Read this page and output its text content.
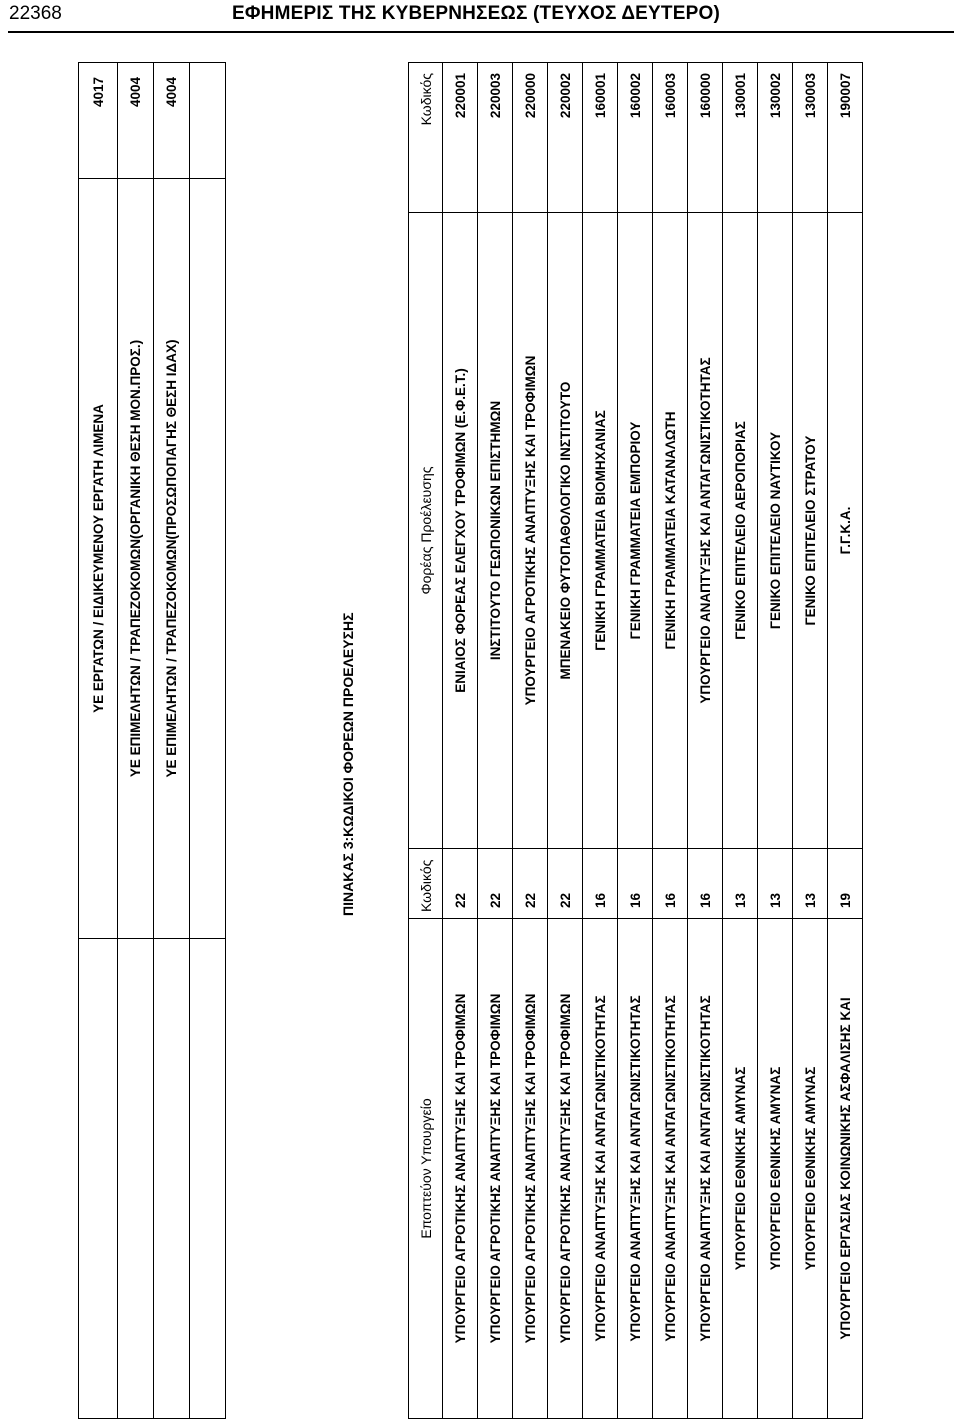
22368	ΕΦΗΜΕΡΙΣ ΤΗΣ ΚΥΒΕΡΝΗΣΕΩΣ (ΤΕΥΧΟΣ ΔΕΥΤΕΡΟ)
	ΥΕ ΕΡΓΑΤΩΝ / ΕΙΔΙΚΕΥΜΕΝΟΥ ΕΡΓΑΤΗ ΛΙΜΕΝΑ	4017
	ΥΕ ΕΠΙΜΕΛΗΤΩΝ / ΤΡΑΠΕΖΟΚΟΜΩΝ(ΟΡΓΑΝΙΚΗ ΘΕΣΗ ΜΟΝ.ΠΡΟΣ.)	4004
	ΥΕ ΕΠΙΜΕΛΗΤΩΝ / ΤΡΑΠΕΖΟΚΟΜΩΝ(ΠΡΟΣΩΠΟΠΑΓΗΣ ΘΕΣΗ ΙΔΑΧ)	4004

ΠΙΝΑΚΑΣ 3:ΚΩΔΙΚΟΙ ΦΟΡΕΩΝ ΠΡΟΕΛΕΥΣΗΣ
Εποπτεύον Υπουργείο	Κωδικός	Φορέας Προέλευσης	Κωδικός
ΥΠΟΥΡΓΕΙΟ ΑΓΡΟΤΙΚΗΣ ΑΝΑΠΤΥΞΗΣ ΚΑΙ ΤΡΟΦΙΜΩΝ	22	ΕΝΙΑΙΟΣ ΦΟΡΕΑΣ ΕΛΕΓΧΟΥ ΤΡΟΦΙΜΩΝ (Ε.Φ.Ε.Τ.)	220001
ΥΠΟΥΡΓΕΙΟ ΑΓΡΟΤΙΚΗΣ ΑΝΑΠΤΥΞΗΣ ΚΑΙ ΤΡΟΦΙΜΩΝ	22	ΙΝΣΤΙΤΟΥΤΟ ΓΕΩΠΟΝΙΚΩΝ ΕΠΙΣΤΗΜΩΝ	220003
ΥΠΟΥΡΓΕΙΟ ΑΓΡΟΤΙΚΗΣ ΑΝΑΠΤΥΞΗΣ ΚΑΙ ΤΡΟΦΙΜΩΝ	22	ΥΠΟΥΡΓΕΙΟ ΑΓΡΟΤΙΚΗΣ ΑΝΑΠΤΥΞΗΣ ΚΑΙ ΤΡΟΦΙΜΩΝ	220000
ΥΠΟΥΡΓΕΙΟ ΑΓΡΟΤΙΚΗΣ ΑΝΑΠΤΥΞΗΣ ΚΑΙ ΤΡΟΦΙΜΩΝ	22	ΜΠΕΝΑΚΕΙΟ ΦΥΤΟΠΑΘΟΛΟΓΙΚΟ ΙΝΣΤΙΤΟΥΤΟ	220002
ΥΠΟΥΡΓΕΙΟ ΑΝΑΠΤΥΞΗΣ ΚΑΙ ΑΝΤΑΓΩΝΙΣΤΙΚΟΤΗΤΑΣ	16	ΓΕΝΙΚΗ ΓΡΑΜΜΑΤΕΙΑ ΒΙΟΜΗΧΑΝΙΑΣ	160001
ΥΠΟΥΡΓΕΙΟ ΑΝΑΠΤΥΞΗΣ ΚΑΙ ΑΝΤΑΓΩΝΙΣΤΙΚΟΤΗΤΑΣ	16	ΓΕΝΙΚΗ ΓΡΑΜΜΑΤΕΙΑ ΕΜΠΟΡΙΟΥ	160002
ΥΠΟΥΡΓΕΙΟ ΑΝΑΠΤΥΞΗΣ ΚΑΙ ΑΝΤΑΓΩΝΙΣΤΙΚΟΤΗΤΑΣ	16	ΓΕΝΙΚΗ ΓΡΑΜΜΑΤΕΙΑ ΚΑΤΑΝΑΛΩΤΗ	160003
ΥΠΟΥΡΓΕΙΟ ΑΝΑΠΤΥΞΗΣ ΚΑΙ ΑΝΤΑΓΩΝΙΣΤΙΚΟΤΗΤΑΣ	16	ΥΠΟΥΡΓΕΙΟ ΑΝΑΠΤΥΞΗΣ ΚΑΙ ΑΝΤΑΓΩΝΙΣΤΙΚΟΤΗΤΑΣ	160000
ΥΠΟΥΡΓΕΙΟ ΕΘΝΙΚΗΣ ΑΜΥΝΑΣ	13	ΓΕΝΙΚΟ ΕΠΙΤΕΛΕΙΟ ΑΕΡΟΠΟΡΙΑΣ	130001
ΥΠΟΥΡΓΕΙΟ ΕΘΝΙΚΗΣ ΑΜΥΝΑΣ	13	ΓΕΝΙΚΟ ΕΠΙΤΕΛΕΙΟ ΝΑΥΤΙΚΟΥ	130002
ΥΠΟΥΡΓΕΙΟ ΕΘΝΙΚΗΣ ΑΜΥΝΑΣ	13	ΓΕΝΙΚΟ ΕΠΙΤΕΛΕΙΟ ΣΤΡΑΤΟΥ	130003
ΥΠΟΥΡΓΕΙΟ ΕΡΓΑΣΙΑΣ ΚΟΙΝΩΝΙΚΗΣ ΑΣΦΑΛΙΣΗΣ ΚΑΙ	19	Γ.Γ.Κ.Α.	190007
